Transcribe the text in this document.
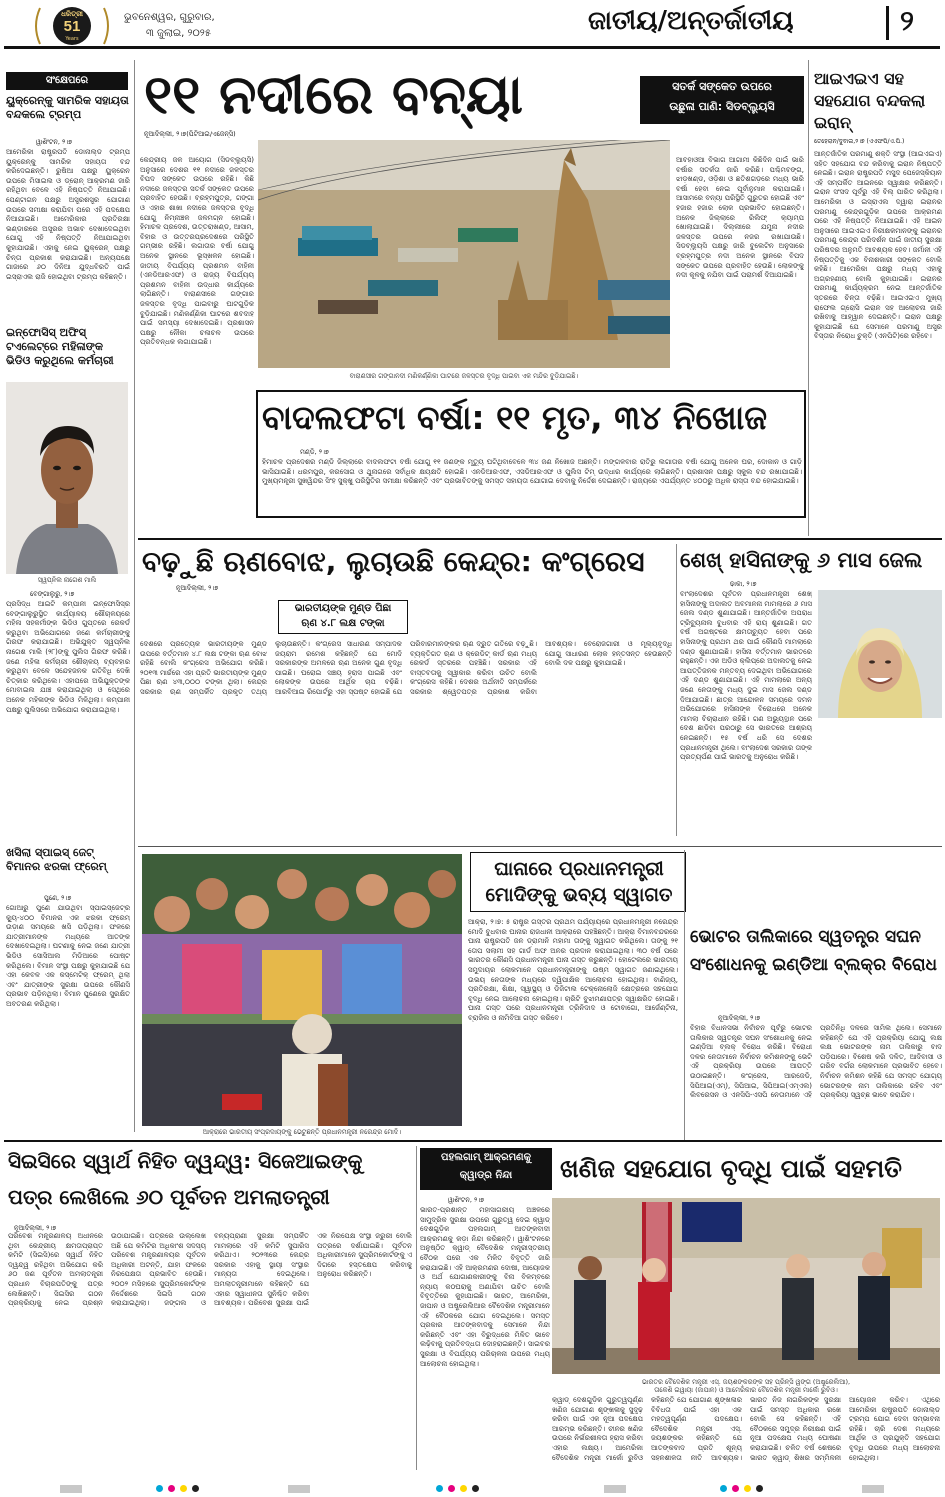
ଧରିତ୍ରୀ
51
Years
ଭୁବନେଶ୍ୱର, ଗୁରୁବାର,
୩ ଜୁଲାଇ, ୨୦୨୫	ଜାତୀୟ/ଅନ୍ତର୍ଜାତୀୟ	୨
ସଂକ୍ଷେପରେ
ୟୁକ୍ରେନ୍‌କୁ ସାମରିକ ସହାୟତା ବନ୍ଦକଲେ ଟ୍ରମ୍ପ
ୱାଶିଂଟନ, ୨।୭
ଆମେରିକା ରାଷ୍ଟ୍ରପତି ଡୋନାଲ୍ଡ ଟ୍ରମ୍ପ ୟୁକ୍ରେନ୍‌କୁ ସାମରିକ ସହାୟତା ବନ୍ଦ କରିଦେଇଛନ୍ତି। ରୁଷିଆ ପକ୍ଷରୁ ୟୁକ୍ରେନ ଉପରେ ମିସାଇଲ ଓ ଡ୍ରୋନ୍ ଆକ୍ରମଣ ଜାରି ରହିଥିବା ବେଳେ ଏହି ନିଷ୍ପତ୍ତି ନିଆଯାଇଛି। ପେଣ୍ଟାଗନ ପକ୍ଷରୁ ଅସ୍ତ୍ରଶସ୍ତ୍ର ଯୋଗାଣ ଉପରେ ସମୀକ୍ଷା କରାଯିବା ପରେ ଏହି ପଦକ୍ଷେପ ନିଆଯାଇଛି। ଆମେରିକାର ପ୍ରତିରକ୍ଷା ଭଣ୍ଡାରରେ ଅସ୍ତ୍ରର ଅଭାବ ଦେଖାଦେଇଥିବା ଯୋଗୁ ଏହି ନିଷ୍ପତ୍ତି ନିଆଯାଇଥିବା କୁହାଯାଉଛି। ଏହାକୁ ନେଇ ୟୁକ୍ରେନ୍ ପକ୍ଷରୁ ଚିନ୍ତା ପ୍ରକାଶ କରାଯାଇଛି। ଅନ୍ୟପକ୍ଷେ ଗାଜାରେ ୬୦ ଦିନିଆ ଯୁଦ୍ଧବିରତି ପାଇଁ ଇସ୍ରାଏଲ ରାଜି ହୋଇଥିବା ଟ୍ରମ୍ପ କହିଛନ୍ତି।
ଇନ୍‌ଫୋସିସ୍ ଅଫିସ୍ ଟଏଲେଟ୍‌ରେ ମହିଳାଙ୍କ ଭିଡିଓ କରୁଥିଲେ କର୍ମଚାରୀ
ସ୍ୱପ୍ନିଲ ନାଗେଶ ମାଲି
ବେଙ୍ଗାଲୁରୁ, ୨।୭
ପ୍ରସିଦ୍ଧ ଆଇଟି କମ୍ପାନୀ ଇନ୍‌ଫୋସିସ୍‌ର ବେଙ୍ଗାଲୁରୁସ୍ଥିତ କାର୍ଯ୍ୟାଳୟ ଶୌଚାଳୟରେ ମହିଳା ସହକର୍ମୀଙ୍କ ଭିଡିଓ ଗୁପ୍ତରେ ରେକର୍ଡ କରୁଥିବା ଅଭିଯୋଗରେ ଜଣେ କର୍ମଚାରୀଙ୍କୁ ଗିରଫ କରାଯାଇଛି। ଅଭିଯୁକ୍ତ ସ୍ୱପ୍ନିଲ ନାଗେଶ ମାଲି (୨୮)ଙ୍କୁ ପୁଲିସ ଗିରଫ କରିଛି। ଜଣେ ମହିଳା କର୍ମଚାରୀ ଶୌଚାଳୟ ବ୍ୟବହାର କରୁଥିବା ବେଳେ ସନ୍ଦେହଜନକ ଗତିବିଧି ଦେଖି ଚିତ୍କାର କରିଥିଲେ। ଏହାପରେ ଅଭିଯୁକ୍ତଙ୍କ ମୋବାଇଲ ଯାଞ୍ଚ କରାଯାଇଥିଲା ଓ ସେଥିରେ ଅନେକ ମହିଳାଙ୍କ ଭିଡିଓ ମିଳିଥିଲା। କମ୍ପାନୀ ପକ୍ଷରୁ ପୁଲିସରେ ଅଭିଯୋଗ କରାଯାଇଥିଲା।
ଖସିଲା ସ୍ପାଇସ୍ ଜେଟ୍ ବିମାନର ଝରକା ଫ୍ରେମ୍
ପୁଣେ, ୨।୭
ଗୋଆରୁ ପୁଣେ ଯାଉଥିବା ସ୍ପାଇସ୍‌ଜେଟ୍‌ର କ୍ୟୁ-୪୦୦ ବିମାନର ଏକ ଝରକା ଫ୍ରେମ୍ ଉଡ଼ାଣ ସମୟରେ ଖସି ପଡ଼ିଥିଲା। ଫଳରେ ଯାତ୍ରୀମାନଙ୍କ ମଧ୍ୟରେ ଆତଙ୍କ ଦେଖାଦେଇଥିଲା। ଘଟଣାକୁ ନେଇ ଜଣେ ଯାତ୍ରୀ ଭିଡିଓ ସୋସିଆଲ ମିଡିଆରେ ପୋଷ୍ଟ କରିଥିଲେ। ବିମାନ ସଂସ୍ଥା ପକ୍ଷରୁ କୁହାଯାଇଛି ଯେ ଏହା କେବଳ ଏକ କସ୍‌ମେଟିକ୍ ଫ୍ରେମ୍ ଥିଲା ଏବଂ ଯାତ୍ରୀଙ୍କ ସୁରକ୍ଷା ଉପରେ କୌଣସି ପ୍ରଭାବ ପଡ଼ିନଥିଲା। ବିମାନ ପୁଣେରେ ସୁରକ୍ଷିତ ଅବତରଣ କରିଥିଲା।
୧୧ ନଦୀରେ ବନ୍ୟା	ସତର୍କ ସଙ୍କେତ ଉପରେ
ଉଛୁଳା ପାଣି: ସିଡବ୍ଲ୍ୟୁସି
ନୂଆଦିଲ୍ଲୀ, ୨।୭(ପିଟିଆଇ/ଏଜେନ୍ସି)
ବାରାଣସୀର ଗଙ୍ଗାନଦୀ ମଣିକର୍ଣ୍ଣିକା ଘାଟରେ ଜଳସ୍ତର ବୃଦ୍ଧି ପାଇବା ଏକ ମନ୍ଦିର ବୁଡ଼ିଯାଇଛି।
କେନ୍ଦ୍ରୀୟ ଜଳ ଆୟୋଗ (ସିଡବ୍ଲ୍ୟୁସି) ଅନୁସାରେ ଦେଶର ୧୧ ନଦୀରେ ଜଳସ୍ତର ବିପଦ ସଙ୍କେତ ଉପରେ ରହିଛି। କିଛି ନଦୀରେ ଜଳସ୍ତର ସତର୍କ ସଙ୍କେତ ଉପରେ ପ୍ରବାହିତ ହେଉଛି। ବ୍ରହ୍ମପୁତ୍ର, ଗଙ୍ଗା ଓ ଏହାର ଶାଖା ନଦୀରେ ଜଳସ୍ତର ବୃଦ୍ଧି ଯୋଗୁ ନିମ୍ନାଞ୍ଚଳ ଜଳମଗ୍ନ ହୋଇଛି। ହିମାଚଳ ପ୍ରଦେଶ, ଉତ୍ତରାଖଣ୍ଡ, ଆସାମ, ବିହାର ଓ ଉତ୍ତରପ୍ରଦେଶରେ ପରିସ୍ଥିତି ଗମ୍ଭୀର ରହିଛି। ଲଗାତାର ବର୍ଷା ଯୋଗୁ ଅନେକ ସ୍ଥାନରେ ଭୂସ୍ଖଳନ ହୋଇଛି। ଜାତୀୟ ବିପର୍ଯ୍ୟୟ ପ୍ରଶମନ ବାହିନୀ (ଏନଡିଆରଏଫ) ଓ ରାଜ୍ୟ ବିପର୍ଯ୍ୟୟ ପ୍ରଶମନ ବାହିନୀ ଉଦ୍ଧାର କାର୍ଯ୍ୟରେ ଲାଗିଛନ୍ତି। ବାରାଣସୀରେ ଗଙ୍ଗାର ଜଳସ୍ତର ବୃଦ୍ଧି ପାଇବାରୁ ଘାଟଗୁଡ଼ିକ ବୁଡ଼ିଯାଇଛି। ମଣିକର୍ଣ୍ଣିକା ଘାଟରେ ଶବଦାହ ପାଇଁ ସମସ୍ୟା ଦେଖାଦେଇଛି। ପ୍ରଶାସନ ପକ୍ଷରୁ ନୌକା ଚଳାଚଳ ଉପରେ ପ୍ରତିବନ୍ଧକ ଲଗାଯାଇଛି।
ଆବହାଓଆ ବିଭାଗ ଆଗାମୀ କିଛିଦିନ ପାଇଁ ଭାରି ବର୍ଷାର ସତର୍କତା ଜାରି କରିଛି। ପଶ୍ଚିମବଙ୍ଗ, ଝାଡ଼ଖଣ୍ଡ, ଓଡ଼ିଶା ଓ ଛତିଶଗଡ଼ରେ ମଧ୍ୟ ଭାରି ବର୍ଷା ହେବା ନେଇ ପୂର୍ବାନୁମାନ କରାଯାଇଛି। ଆସାମରେ ବନ୍ୟା ପରିସ୍ଥିତି ଗୁରୁତର ହୋଇଛି ଏବଂ ହଜାର ହଜାର ଲୋକ ପ୍ରଭାବିତ ହୋଇଛନ୍ତି। ଅନେକ ଜିଲ୍ଲାରେ ରିଲିଫ୍ କ୍ୟାମ୍ପ ଖୋଲାଯାଇଛି। ଦିଲ୍ଲୀରେ ଯମୁନା ନଦୀର ଜଳସ୍ତର ଉପରେ ନଜର ରଖାଯାଉଛି। ସିଡବ୍ଲ୍ୟୁସି ପକ୍ଷରୁ ଜାରି ବୁଲେଟିନ ଅନୁସାରେ ବ୍ରହ୍ମପୁତ୍ର ନଦୀ ଅନେକ ସ୍ଥାନରେ ବିପଦ ସଙ୍କେତ ଉପରେ ପ୍ରବାହିତ ହେଉଛି। ଲୋକଙ୍କୁ ନଦୀ କୂଳକୁ ନଯିବା ପାଇଁ ପରାମର୍ଶ ଦିଆଯାଇଛି।
ବାଦଲଫଟା ବର୍ଷା: ୧୧ ମୃତ, ୩୪ ନିଖୋଜ
ମଣ୍ଡି, ୨।୭
ହିମାଚଳ ପ୍ରଦେଶର ମଣ୍ଡି ଜିଲ୍ଲାରେ ବାଦଲଫଟା ବର୍ଷା ଯୋଗୁ ୧୧ ଜଣଙ୍କ ମୃତ୍ୟୁ ଘଟିଥିବାବେଳେ ୩୪ ଜଣ ନିଖୋଜ ଅଛନ୍ତି। ମଙ୍ଗଳବାର ରାତିରୁ ଲଗାତାର ବର୍ଷା ଯୋଗୁ ଅନେକ ଘର, ଦୋକାନ ଓ ଗାଡ଼ି ଭାସିଯାଇଛି। ଧରମପୁର, କରସୋଗ ଓ ଥୁନାଗରେ ସର୍ବାଧିକ କ୍ଷୟକ୍ଷତି ହୋଇଛି। ଏନଡିଆରଏଫ, ଏସଡିଆରଏଫ ଓ ପୁଲିସ ଟିମ୍ ଉଦ୍ଧାର କାର୍ଯ୍ୟରେ ଲାଗିଛନ୍ତି। ପ୍ରଶାସନ ପକ୍ଷରୁ ସ୍କୁଲ ବନ୍ଦ ରଖାଯାଇଛି। ମୁଖ୍ୟମନ୍ତ୍ରୀ ସୁଖୱିନ୍ଦର ସିଂହ ସୁକ୍ଖୁ ପରିସ୍ଥିତିର ସମୀକ୍ଷା କରିଛନ୍ତି ଏବଂ ପ୍ରଭାବିତଙ୍କୁ ସମସ୍ତ ସହାୟତା ଯୋଗାଇ ଦେବାକୁ ନିର୍ଦ୍ଦେଶ ଦେଇଛନ୍ତି। ରାଜ୍ୟରେ ଏପର୍ଯ୍ୟନ୍ତ ୪୦୦ରୁ ଅଧିକ ରାସ୍ତା ବନ୍ଦ ହୋଇଯାଇଛି।
ଆଇଏଇଏ ସହ ସହଯୋଗ ବନ୍ଦକଲା ଇରାନ୍
ତେହେରାନ/ଦୁବାଇ,୨।୭ (ଏଏଫପି/ଏ.ପି.)
ଆନ୍ତର୍ଜାତିକ ପରମାଣୁ ଶକ୍ତି ସଂସ୍ଥା (ଆଇଏଇଏ) ସହିତ ସହଯୋଗ ବନ୍ଦ କରିବାକୁ ଇରାନ ନିଷ୍ପତ୍ତି ନେଇଛି। ଇରାନ ରାଷ୍ଟ୍ରପତି ମସୁଦ ପେଜେସ୍କିୟାନ ଏହି ସମ୍ପର୍କିତ ଆଇନରେ ସ୍ୱାକ୍ଷର କରିଛନ୍ତି। ଇରାନ ସଂସଦ ପୂର୍ବରୁ ଏହି ବିଲ୍ ପାରିତ କରିଥିଲା। ଆମେରିକା ଓ ଇସ୍ରାଏଲ ଦ୍ୱାରା ଇରାନର ପରମାଣୁ କେନ୍ଦ୍ରଗୁଡ଼ିକ ଉପରେ ଆକ୍ରମଣ ପରେ ଏହି ନିଷ୍ପତ୍ତି ନିଆଯାଇଛି। ଏହି ଆଇନ ଅନୁସାରେ ଆଇଏଇଏ ନିରୀକ୍ଷକମାନଙ୍କୁ ଇରାନର ପରମାଣୁ କେନ୍ଦ୍ର ପରିଦର୍ଶନ ପାଇଁ ଜାତୀୟ ସୁରକ୍ଷା ପରିଷଦର ଅନୁମତି ଆବଶ୍ୟକ ହେବ। ଜର୍ମାନୀ ଏହି ନିଷ୍ପତ୍ତିକୁ ଏକ ବିନାଶକାରୀ ସଙ୍କେତ ବୋଲି କହିଛି। ଆମେରିକା ପକ୍ଷରୁ ମଧ୍ୟ ଏହାକୁ ଅଗ୍ରହଣୀୟ ବୋଲି କୁହାଯାଇଛି। ଇରାନର ପରମାଣୁ କାର୍ଯ୍ୟକ୍ରମ ନେଇ ଆନ୍ତର୍ଜାତିକ ସ୍ତରରେ ଚିନ୍ତା ବଢ଼ିଛି। ଆଇଏଇଏ ମୁଖ୍ୟ ରାଫେଲ ଗ୍ରୋସି ଇରାନ ସହ ଆଲୋଚନା ଜାରି ରଖିବାକୁ ଆହ୍ୱାନ ଦେଇଛନ୍ତି। ଇରାନ ପକ୍ଷରୁ କୁହାଯାଇଛି ଯେ ସେମାନେ ପରମାଣୁ ଅସ୍ତ୍ର ବିସ୍ତାର ନିରୋଧ ଚୁକ୍ତି (ଏନପିଟି)ରେ ରହିବେ।
ବଢ଼ୁଛି ଋଣବୋଝ, ଲୁଚାଉଛି କେନ୍ଦ୍ର: କଂଗ୍ରେସ
ନୂଆଦିଲ୍ଲୀ, ୨।୭
ଭାରତୀୟଙ୍କ ମୁଣ୍ଡ ପିଛା
ଋଣ ୪.୮ ଲକ୍ଷ ଟଙ୍କା
ଦେଶରେ ପ୍ରତ୍ୟେକ ଭାରତୀୟଙ୍କ ମୁଣ୍ଡ ଉପରେ ବର୍ତ୍ତମାନ ୪.୮ ଲକ୍ଷ ଟଙ୍କା ଋଣ ବୋଝ ରହିଛି ବୋଲି କଂଗ୍ରେସ ଅଭିଯୋଗ କରିଛି। ୨୦୧୩ ମାର୍ଚ୍ଚରେ ଏହା ପ୍ରତି ଭାରତୀୟଙ୍କ ମୁଣ୍ଡ ପିଛା ଋଣ ୪୩,୦୦୦ ଟଙ୍କା ଥିଲା। କେନ୍ଦ୍ର ସରକାର ଋଣ ସମ୍ପର୍କିତ ପ୍ରକୃତ ତଥ୍ୟ ଲୁଚାଉଛନ୍ତି। କଂଗ୍ରେସ ସାଧାରଣ ସମ୍ପାଦକ ଜୟରାମ ରମେଶ କହିଛନ୍ତି ଯେ ମୋଦି ସରକାରଙ୍କ ଅମଳରେ ଋଣ ଅନେକ ଗୁଣ ବୃଦ୍ଧି ପାଇଛି। ଘରୋଇ ସଞ୍ଚୟ ହ୍ରାସ ପାଇଛି ଏବଂ ଲୋକଙ୍କ ଉପରେ ଆର୍ଥିକ ଚାପ ବଢ଼ିଛି। ଆରବିଆଇ ରିପୋର୍ଟରୁ ଏହା ସ୍ପଷ୍ଟ ହୋଇଛି ଯେ ପରିବାରମାନଙ୍କର ଋଣ ଦ୍ରୁତ ଗତିରେ ବଢ଼ୁଛି। ବ୍ୟକ୍ତିଗତ ଋଣ ଓ କ୍ରେଡିଟ୍ କାର୍ଡ ଋଣ ମଧ୍ୟ ରେକର୍ଡ ସ୍ତରରେ ପହଞ୍ଚିଛି। ସରକାର ଏହି ବାସ୍ତବତାକୁ ସ୍ୱୀକାର କରିବା ଉଚିତ ବୋଲି କଂଗ୍ରେସ କହିଛି। ଦେଶର ଅର୍ଥନୀତି ସମ୍ପର୍କରେ ସରକାର ଶ୍ୱେତପତ୍ର ପ୍ରକାଶ କରିବା ଆବଶ୍ୟକ। ବେରୋଜଗାରୀ ଓ ମୂଲ୍ୟବୃଦ୍ଧି ଯୋଗୁ ସାଧାରଣ ଲୋକ ହନ୍ତସନ୍ତ ହେଉଛନ୍ତି ବୋଲି ଦଳ ପକ୍ଷରୁ କୁହାଯାଇଛି।
ଶେଖ୍ ହାସିନାଙ୍କୁ ୬ ମାସ ଜେଲ
ଢାକା, ୨।୭
ବାଂଲାଦେଶର ପୂର୍ବତନ ପ୍ରଧାନମନ୍ତ୍ରୀ ଶେଖ୍ ହାସିନାଙ୍କୁ ଅଦାଲତ ଅବମାନନା ମାମଲାରେ ୬ ମାସ ଜେଲ ଦଣ୍ଡ ଶୁଣାଯାଇଛି। ଆନ୍ତର୍ଜାତିକ ଅପରାଧ ଟ୍ରିବ୍ୟୁନାଲ ବୁଧବାର ଏହି ରାୟ ଶୁଣାଇଛି। ଗତ ବର୍ଷ ଅଗଷ୍ଟରେ କ୍ଷମତାଚ୍ୟୁତ ହେବା ପରେ ହାସିନାଙ୍କୁ ପ୍ରଥମ ଥର ପାଇଁ କୌଣସି ମାମଲାରେ ଦଣ୍ଡ ଶୁଣାଯାଇଛି। ହାସିନା ବର୍ତ୍ତମାନ ଭାରତରେ ରହୁଛନ୍ତି। ଏକ ଅଡିଓ କ୍ଲିପ୍‌ରେ ଅଦାଲତକୁ ନେଇ ଆପତ୍ତିଜନକ ମନ୍ତବ୍ୟ ଦେଇଥିବା ଅଭିଯୋଗରେ ଏହି ଦଣ୍ଡ ଶୁଣାଯାଇଛି। ଏହି ମାମଲାରେ ଅନ୍ୟ ଜଣେ ନେତାଙ୍କୁ ମଧ୍ୟ ଦୁଇ ମାସ ଜେଲ ଦଣ୍ଡ ଦିଆଯାଇଛି। ଛାତ୍ର ଆନ୍ଦୋଳନ ସମୟରେ ଦମନ ଅଭିଯୋଗରେ ହାସିନାଙ୍କ ବିରୋଧରେ ଅନେକ ମାମଲା ବିଚାରାଧୀନ ରହିଛି। ଗଣ ଅଭ୍ୟୁତ୍ଥାନ ପରେ ଦେଶ ଛାଡ଼ିବା ପରଠାରୁ ସେ ଭାରତରେ ଆଶ୍ରୟ ନେଇଛନ୍ତି। ୧୫ ବର୍ଷ ଧରି ସେ ଦେଶର ପ୍ରଧାନମନ୍ତ୍ରୀ ଥିଲେ। ବାଂଲାଦେଶ ସରକାର ତାଙ୍କ ପ୍ରତ୍ୟର୍ପଣ ପାଇଁ ଭାରତକୁ ଅନୁରୋଧ କରିଛି।
ଆକ୍ରାରେ ଭାରତୀୟ ସଂପ୍ରଦାୟଙ୍କୁ ଭେଟୁଛନ୍ତି ପ୍ରଧାନମନ୍ତ୍ରୀ ନରେନ୍ଦ୍ର ମୋଦି।
ଘାନାରେ ପ୍ରଧାନମନ୍ତ୍ରୀ
ମୋଦିଙ୍କୁ ଭବ୍ୟ ସ୍ୱାଗତ
ଆକ୍ରା, ୨।୭: ୫ ରାଷ୍ଟ୍ର ଗସ୍ତର ପ୍ରଥମ ପର୍ଯ୍ୟାୟରେ ପ୍ରଧାନମନ୍ତ୍ରୀ ନରେନ୍ଦ୍ର ମୋଦି ବୁଧବାର ଘାନାର ରାଜଧାନୀ ଆକ୍ରାରେ ପହଞ୍ଚିଛନ୍ତି। ଆକ୍ରା ବିମାନବନ୍ଦରରେ ଘାନା ରାଷ୍ଟ୍ରପତି ଜନ ଡ୍ରାମାନି ମହାମା ତାଙ୍କୁ ସ୍ୱାଗତ କରିଥିଲେ। ତାଙ୍କୁ ୨୧ ତୋପ ସଲାମୀ ସହ ଗାର୍ଡ ଅଫ ଅନର ପ୍ରଦାନ କରାଯାଇଥିଲା। ୩୦ ବର୍ଷ ପରେ ଭାରତର କୌଣସି ପ୍ରଧାନମନ୍ତ୍ରୀ ଘାନା ଗସ୍ତ କରୁଛନ୍ତି। ହୋଟେଲରେ ଭାରତୀୟ ସମୁଦାୟର ଲୋକମାନେ ପ୍ରଧାନମନ୍ତ୍ରୀଙ୍କୁ ଉଷ୍ମ ସ୍ୱାଗତ ଜଣାଇଥିଲେ। ଉଭୟ ନେତାଙ୍କ ମଧ୍ୟରେ ଦ୍ୱିପାକ୍ଷିକ ଆଲୋଚନା ହୋଇଥିଲା। ବାଣିଜ୍ୟ, ପ୍ରତିରକ୍ଷା, ଶିକ୍ଷା, ସ୍ୱାସ୍ଥ୍ୟ ଓ ଡିଜିଟାଲ ଟେକ୍ନୋଲୋଜି କ୍ଷେତ୍ରରେ ସହଯୋଗ ବୃଦ୍ଧି ନେଇ ଆଲୋଚନା ହୋଇଥିଲା। ଚାରିଟି ବୁଝାମଣାପତ୍ର ସ୍ୱାକ୍ଷରିତ ହୋଇଛି। ଘାନା ଗସ୍ତ ପରେ ପ୍ରଧାନମନ୍ତ୍ରୀ ତ୍ରିନିଦାଦ ଓ ଟୋବାଗୋ, ଆର୍ଜେଣ୍ଟିନା, ବ୍ରାଜିଲ ଓ ନାମିବିଆ ଗସ୍ତ କରିବେ।
ଭୋଟର ତାଲିକାରେ ସ୍ୱତନ୍ତ୍ର ସଘନ
ସଂଶୋଧନକୁ ଇଣ୍ଡିଆ ବ୍ଲକ୍‌ର ବିରୋଧ
ନୂଆଦିଲ୍ଲୀ, ୨।୭
ବିହାର ବିଧାନସଭା ନିର୍ବାଚନ ପୂର୍ବରୁ ଭୋଟର ତାଲିକାର ସ୍ୱତନ୍ତ୍ର ସଘନ ସଂଶୋଧନକୁ ନେଇ ଇଣ୍ଡିଆ ବ୍ଲକ୍ ବିରୋଧ କରିଛି। ବିରୋଧୀ ଦଳର ନେତାମାନେ ନିର୍ବାଚନ କମିଶନଙ୍କୁ ଭେଟି ଏହି ପ୍ରକ୍ରିୟା ଉପରେ ଆପତ୍ତି ଉଠାଇଛନ୍ତି। କଂଗ୍ରେସ, ଆରଜେଡି, ସିପିଆଇ(ଏମ୍), ସିପିଆଇ, ସିପିଆଇ(ଏମ୍ଏଲ) ଲିବରେସନ ଓ ଏନସିପି-ଏସପି ନେତାମାନେ ଏହି ପ୍ରତିନିଧି ଦଳରେ ସାମିଲ ଥିଲେ। ସେମାନେ କହିଛନ୍ତି ଯେ ଏହି ପ୍ରକ୍ରିୟା ଯୋଗୁ ଲକ୍ଷ ଲକ୍ଷ ଭୋଟରଙ୍କ ନାମ ତାଲିକାରୁ ବାଦ ପଡ଼ିପାରେ। ବିଶେଷ କରି ଦଳିତ, ଆଦିବାସୀ ଓ ଗରିବ ବର୍ଗର ଲୋକମାନେ ପ୍ରଭାବିତ ହେବେ। ନିର୍ବାଚନ କମିଶନ କହିଛି ଯେ ସମସ୍ତ ଯୋଗ୍ୟ ଭୋଟରଙ୍କ ନାମ ତାଲିକାରେ ରହିବ ଏବଂ ପ୍ରକ୍ରିୟା ସ୍ୱଚ୍ଛ ଭାବେ କରାଯିବ।
ସିଇସିରେ ସ୍ୱାର୍ଥ ନିହିତ ଦ୍ୱନ୍ଦ୍ୱ: ସିଜେଆଇଙ୍କୁ
ପତ୍ର ଲେଖିଲେ ୬୦ ପୂର୍ବତନ ଅମଲାତନ୍ତ୍ରୀ
ନୂଆଦିଲ୍ଲୀ, ୨।୭
ପରିବେଶ ମନ୍ତ୍ରଣାଳୟ ଅଧୀନରେ ଥିବା କେନ୍ଦ୍ରୀୟ କ୍ଷମତାପ୍ରାପ୍ତ କମିଟି (ସିଇସି)ରେ ସ୍ୱାର୍ଥ ନିହିତ ଦ୍ୱନ୍ଦ୍ୱ ରହିଥିବା ଅଭିଯୋଗ କରି ୬୦ ଜଣ ପୂର୍ବତନ ଅମଲାତନ୍ତ୍ରୀ ପ୍ରଧାନ ବିଚାରପତିଙ୍କୁ ପତ୍ର ଲେଖିଛନ୍ତି। ସିଇସିର ଗଠନ ପ୍ରକ୍ରିୟାକୁ ନେଇ ପ୍ରଶ୍ନ ଉଠାଯାଇଛି। ପତ୍ରରେ ଉଲ୍ଲେଖ ଅଛି ଯେ କମିଟିର ଅଧିକାଂଶ ସଦସ୍ୟ ପରିବେଶ ମନ୍ତ୍ରଣାଳୟର ପୂର୍ବତନ ଅଧିକାରୀ ଅଟନ୍ତି, ଯାହା ଫଳରେ ନିରପେକ୍ଷତା ପ୍ରଭାବିତ ହେଉଛି। ୨୦୦୨ ମସିହାରେ ସୁପ୍ରିମକୋର୍ଟଙ୍କ ନିର୍ଦ୍ଦେଶରେ ସିଇସି ଗଠନ କରାଯାଇଥିଲା। ଜଙ୍ଗଲ ଓ ବନ୍ୟପ୍ରାଣୀ ସୁରକ୍ଷା ସମ୍ପର୍କିତ ମାମଲାରେ ଏହି କମିଟି ସୁପାରିସ କରିଥାଏ। ୨୦୨୩ରେ କେନ୍ଦ୍ର ସରକାର ଏହାକୁ ସ୍ଥାୟୀ ସଂସ୍ଥାର ମାନ୍ୟତା ଦେଇଥିଲେ। ଅମଲାତନ୍ତ୍ରୀମାନେ କହିଛନ୍ତି ଯେ ଏହାର ସ୍ୱାଧୀନତା ସୁନିଶ୍ଚିତ କରିବା ଆବଶ୍ୟକ। ପରିବେଶ ସୁରକ୍ଷା ପାଇଁ ଏକ ନିରପେକ୍ଷ ସଂସ୍ଥା ଜରୁରୀ ବୋଲି ପତ୍ରରେ ଦର୍ଶାଯାଇଛି। ପୂର୍ବତନ ଅଧିକାରୀମାନେ ସୁପ୍ରିମକୋର୍ଟଙ୍କୁ ଏ ଦିଗରେ ହସ୍ତକ୍ଷେପ କରିବାକୁ ଅନୁରୋଧ କରିଛନ୍ତି।
ପହଲଗାମ୍ ଆକ୍ରମଣକୁ
କ୍ୱାଡ୍‌ର ନିନ୍ଦା
ୱାଶିଂଟନ, ୨।୭
ଭାରତ-ପ୍ରଶାନ୍ତ ମହାସାଗରୀୟ ଅଞ୍ଚଳରେ ସାମୁଦ୍ରିକ ସୁରକ୍ଷା ଉପରେ ଗୁରୁତ୍ୱ ଦେଇ କ୍ୱାଡ୍ ଦେଶଗୁଡ଼ିକ ପହଲଗାମ୍ ଆତଙ୍କବାଦୀ ଆକ୍ରମଣକୁ କଡ଼ା ନିନ୍ଦା କରିଛନ୍ତି। ୱାଶିଂଟନରେ ଅନୁଷ୍ଠିତ କ୍ୱାଡ୍ ବୈଦେଶିକ ମନ୍ତ୍ରୀସ୍ତରୀୟ ବୈଠକ ପରେ ଏକ ମିଳିତ ବିବୃତ୍ତି ଜାରି କରାଯାଇଛି। ଏହି ଆକ୍ରମଣର ଦୋଷୀ, ଆୟୋଜକ ଓ ଅର୍ଥ ଯୋଗାଣକାରୀଙ୍କୁ ବିନା ବିଳମ୍ବରେ ନ୍ୟାୟ କଠଘରାକୁ ଅଣାଯିବା ଉଚିତ ବୋଲି ବିବୃତ୍ତିରେ କୁହାଯାଇଛି। ଭାରତ, ଆମେରିକା, ଜାପାନ ଓ ଅଷ୍ଟ୍ରେଲିଆର ବୈଦେଶିକ ମନ୍ତ୍ରୀମାନେ ଏହି ବୈଠକରେ ଯୋଗ ଦେଇଥିଲେ। ସମସ୍ତ ପ୍ରକାର ଆତଙ୍କବାଦକୁ ସେମାନେ ନିନ୍ଦା କରିଛନ୍ତି ଏବଂ ଏହା ବିରୁଦ୍ଧରେ ମିଳିତ ଭାବେ ଲଢ଼ିବାକୁ ପ୍ରତିବଦ୍ଧତା ଦୋହରାଇଛନ୍ତି। ସାଇବର ସୁରକ୍ଷା ଓ ବିପର୍ଯ୍ୟୟ ପରିଚାଳନା ଉପରେ ମଧ୍ୟ ଆଲୋଚନା ହୋଇଥିଲା।
ଖଣିଜ ସହଯୋଗ ବୃଦ୍ଧି ପାଇଁ ସହମତି
ଭାରତର ବୈଦେଶିକ ମନ୍ତ୍ରୀ ଏସ୍. ଜୟଶଙ୍କରଙ୍କ ସହ ପ୍ରିନ୍‌ସି ୱଙ୍ଗ (ଅଷ୍ଟ୍ରେଲିଆ),
ତାକେଶି ଇୱାୟା (ଜାପାନ) ଓ ଆମେରିକାର ବୈଦେଶିକ ମନ୍ତ୍ରୀ ମାର୍କୋ ରୁବିଓ।
କ୍ୱାଡ୍ ଦେଶଗୁଡ଼ିକ ଗୁରୁତ୍ୱପୂର୍ଣ୍ଣ ଖଣିଜ ଯୋଗାଣ ଶୃଙ୍ଖଳାକୁ ସୁଦୃଢ଼ କରିବା ପାଇଁ ଏକ ନୂଆ ପଦକ୍ଷେପ ଆରମ୍ଭ କରିଛନ୍ତି। ଚୀନର ଖଣିଜ ଉପରେ ନିର୍ଭରଶୀଳତା ହ୍ରାସ କରିବା ଏହାର ଲକ୍ଷ୍ୟ। ଆମେରିକା ବୈଦେଶିକ ମନ୍ତ୍ରୀ ମାର୍କୋ ରୁବିଓ କହିଛନ୍ତି ଯେ ଯୋଗାଣ ଶୃଙ୍ଖଳାର ବିବିଧତା ପାଇଁ ଏହା ଏକ ମହତ୍ୱପୂର୍ଣ୍ଣ ପଦକ୍ଷେପ। ବୈଦେଶିକ ମନ୍ତ୍ରୀ ଏସ୍. ଜୟଶଙ୍କର କହିଛନ୍ତି ଯେ ଆତଙ୍କବାଦ ପ୍ରତି ଶୂନ୍ୟ ସହନଶୀଳତା ନୀତି ଆବଶ୍ୟକ। ଭାରତ ନିଜ ନାଗରିକଙ୍କ ସୁରକ୍ଷା ପାଇଁ ସମସ୍ତ ଅଧିକାର ରଖେ ବୋଲି ସେ କହିଛନ୍ତି। ଏହି ବୈଠକରେ ସମୁଦ୍ର ନିରୀକ୍ଷଣ ପାଇଁ ନୂଆ ପଦକ୍ଷେପ ମଧ୍ୟ ଘୋଷଣା କରାଯାଇଛି। ଚଳିତ ବର୍ଷ ଶେଷରେ ଭାରତ କ୍ୱାଡ୍ ଶିଖର ସମ୍ମିଳନୀ ଆୟୋଜନ କରିବ। ଏଥିରେ ଆମେରିକା ରାଷ୍ଟ୍ରପତି ଡୋନାଲ୍ଡ ଟ୍ରମ୍ପ ଯୋଗ ଦେବା ସମ୍ଭାବନା ରହିଛି। ଚାରି ଦେଶ ମଧ୍ୟରେ ଆର୍ଥିକ ଓ ପ୍ରଯୁକ୍ତି ସହଯୋଗ ବୃଦ୍ଧି ଉପରେ ମଧ୍ୟ ଆଲୋଚନା ହୋଇଥିଲା।
